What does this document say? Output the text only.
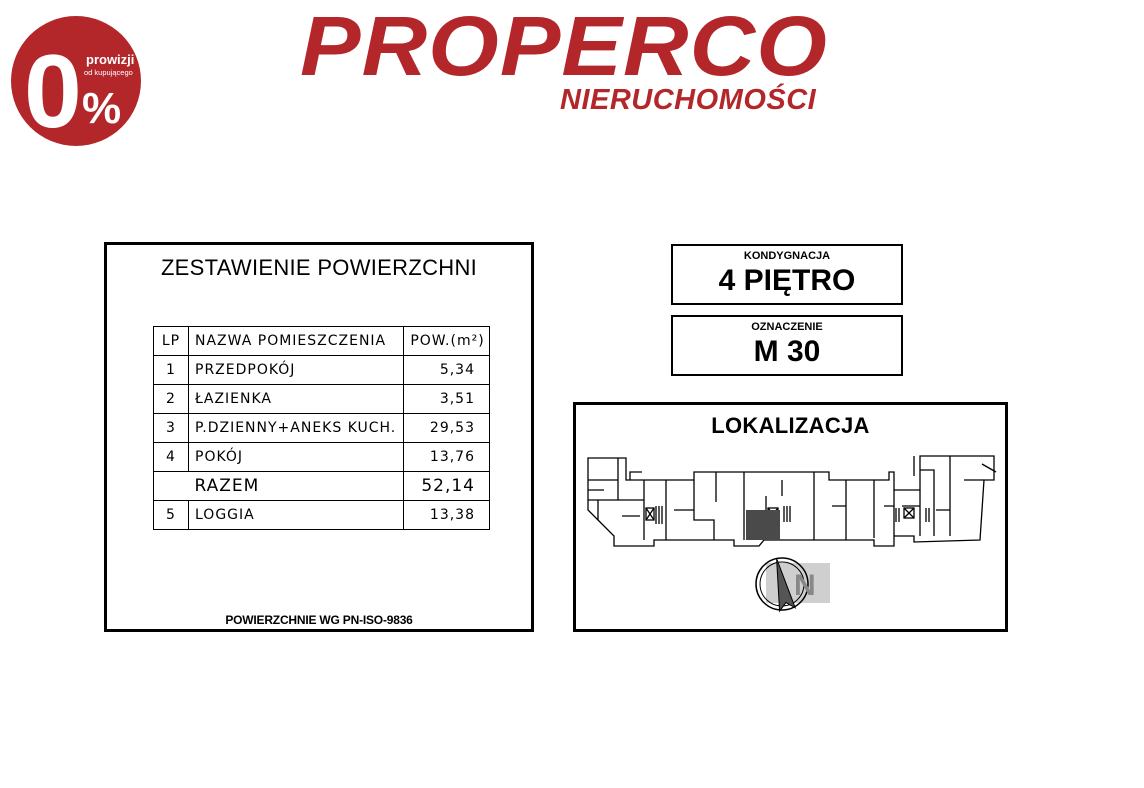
0 %
prowizji
od kupującego PROPERCO
NIERUCHOMOŚCI
ZESTAWIENIE POWIERZCHNI
LP	NAZWA POMIESZCZENIA	POW.(m²)
1	PRZEDPOKÓJ	5,34
2	ŁAZIENKA	3,51
3	P.DZIENNY+ANEKS KUCH.	29,53
4	POKÓJ	13,76
	RAZEM	52,14
5	LOGGIA	13,38
POWIERZCHNIE WG PN-ISO-9836
KONDYGNACJA
4 PIĘTRO
OZNACZENIE
M 30
LOKALIZACJA
N
